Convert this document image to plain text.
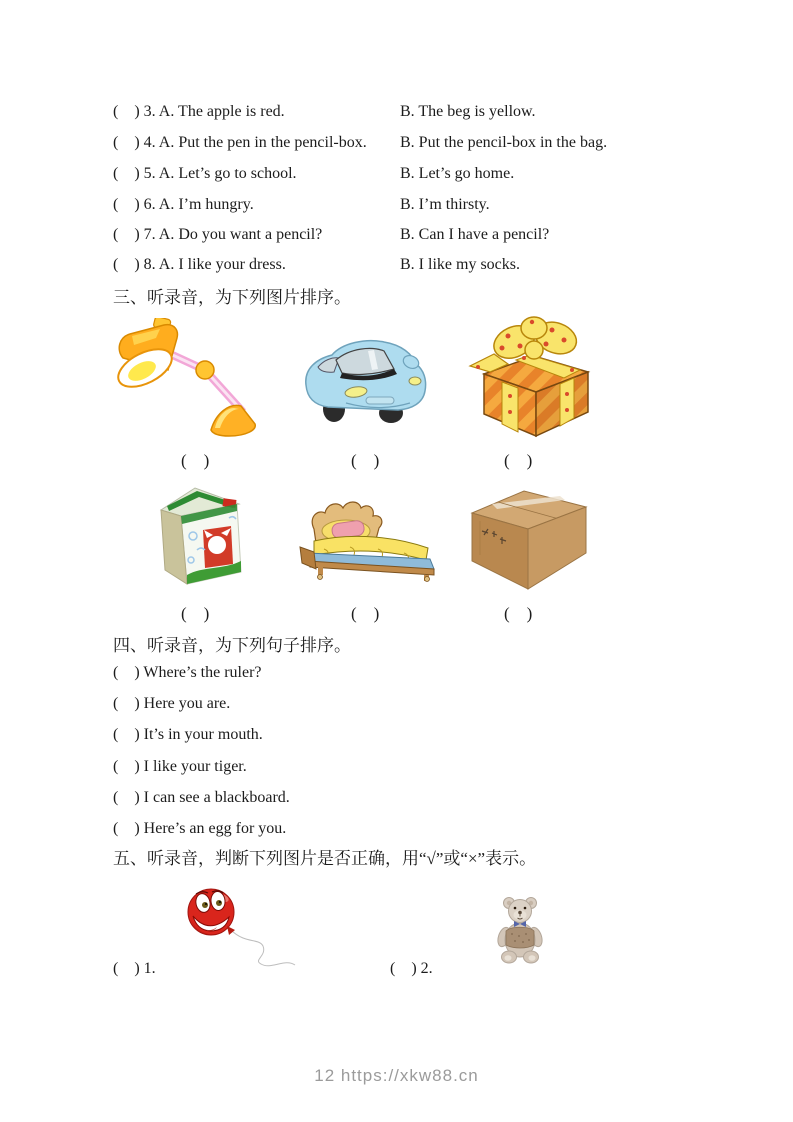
(　) 3. A. The apple is red.	B. The beg is yellow.
(　) 4. A. Put the pen in the pencil-box.	B. Put the pencil-box in the bag.
(　) 5. A. Let’s go to school.	B. Let’s go home.
(　) 6. A. I’m hungry.	B. I’m thirsty.
(　) 7. A. Do you want a pencil?	B. Can I have a pencil?
(　) 8. A. I like your dress.	B. I like my socks.
三、听录音，为下列图片排序。
(　)	(　)	(　)
(　)	(　)	(　)
四、听录音，为下列句子排序。
(　) Where’s the ruler?
(　) Here you are.
(　) It’s in your mouth.
(　) I like your tiger.
(　) I can see a blackboard.
(　) Here’s an egg for you.
五、听录音，判断下列图片是否正确，用“√”或“×”表示。
(　) 1.	(　) 2.
12 https://xkw88.cn
